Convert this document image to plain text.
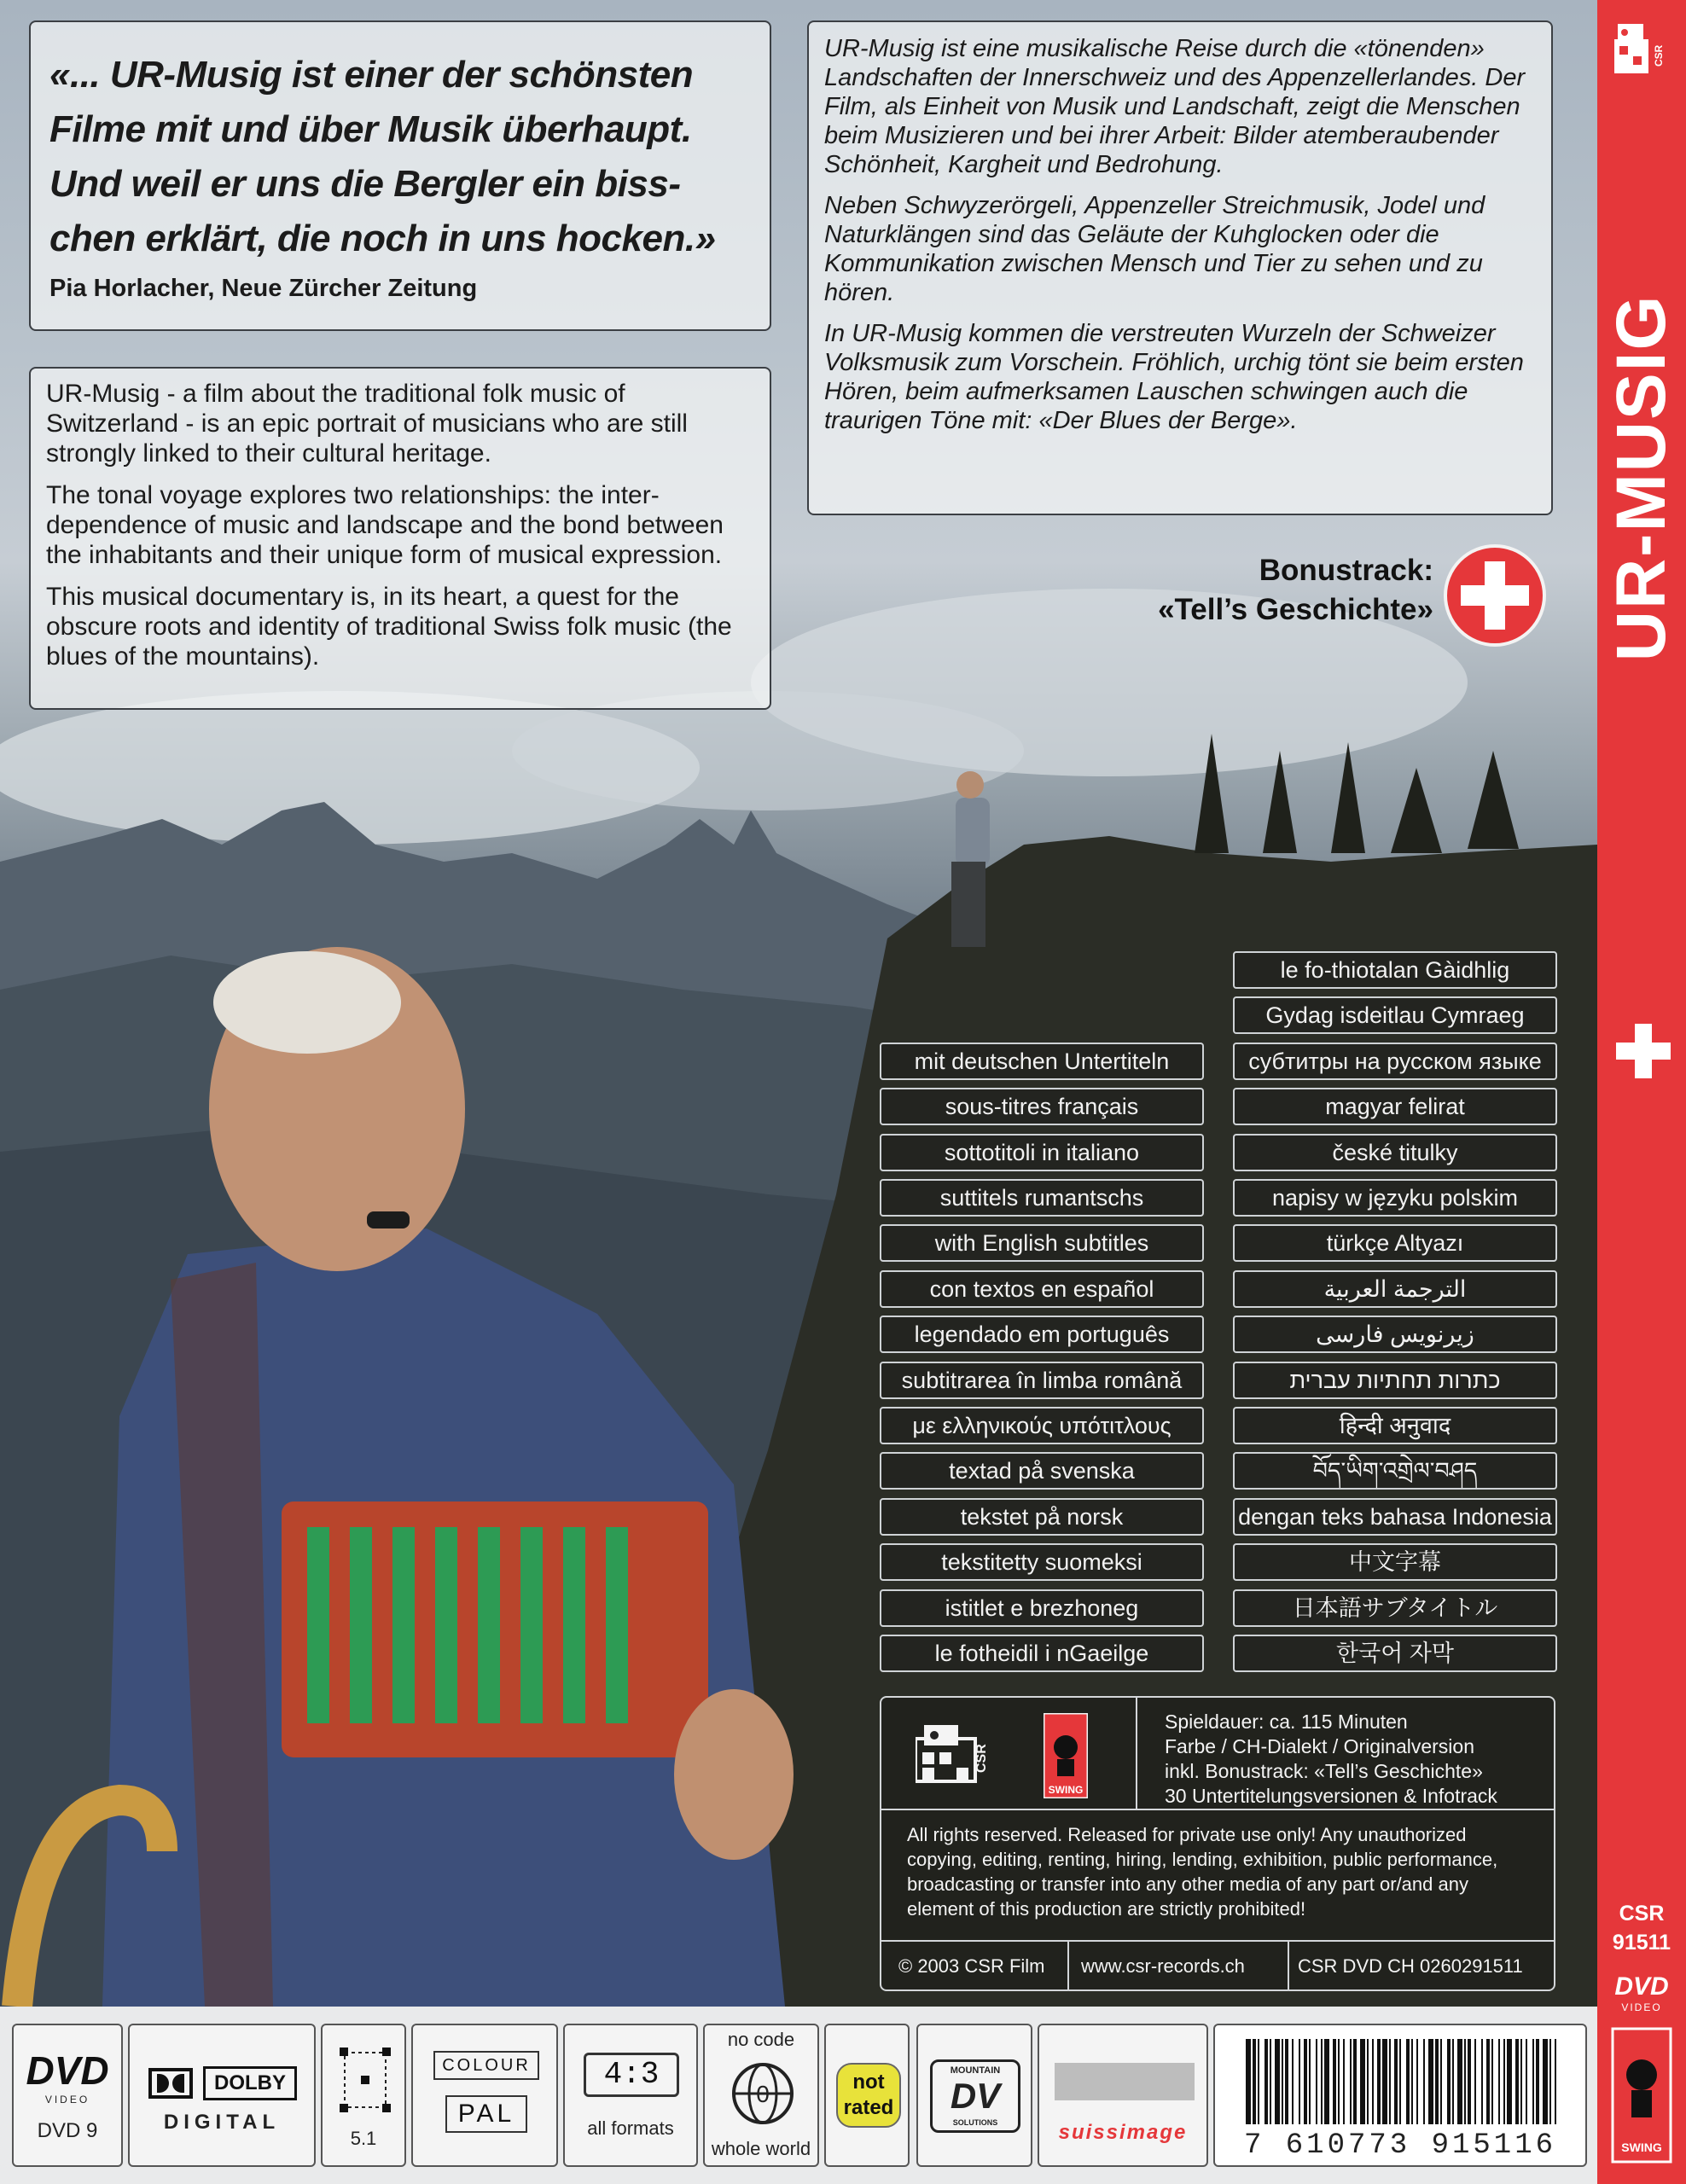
«... UR-Musig ist einer der schönsten Filme mit und über Musik überhaupt. Und weil er uns die Bergler ein biss-chen erklärt, die noch in uns hocken.»
Pia Horlacher, Neue Zürcher Zeitung

UR-Musig - a film about the traditional folk music of Switzerland - is an epic portrait of musicians who are still strongly linked to their cultural heritage.

The tonal voyage explores two relationships: the inter-dependence of music and landscape and the bond between the inhabitants and their unique form of musical expression.

This musical documentary is, in its heart, a quest for the obscure roots and identity of traditional Swiss folk music (the blues of the mountains).

UR-Musig ist eine musikalische Reise durch die «tönenden» Landschaften der Innerschweiz und des Appenzellerlandes. Der Film, als Einheit von Musik und Landschaft, zeigt die Menschen beim Musizieren und bei ihrer Arbeit: Bilder atemberaubender Schönheit, Kargheit und Bedrohung.

Neben Schwyzerörgeli, Appenzeller Streichmusik, Jodel und Naturklängen sind das Geläute der Kuhglocken oder die Kommunikation zwischen Mensch und Tier zu sehen und zu hören.

In UR-Musig kommen die verstreuten Wurzeln der Schweizer Volksmusik zum Vorschein. Fröhlich, urchig tönt sie beim ersten Hören, beim aufmerksamen Lauschen schwingen auch die traurigen Töne mit: «Der Blues der Berge».

Bonustrack:
«Tell’s Geschichte»
mit deutschen Untertiteln
sous-titres français
sottotitoli in italiano
suttitels rumantschs
with English subtitles
con textos en español
legendado em português
subtitrarea în limba română
με ελληνικούς υπότιτλους
textad på svenska
tekstet på norsk
tekstitetty suomeksi
istitlet e brezhoneg
le fotheidil i nGaeilge
le fo-thiotalan Gàidhlig
Gydag isdeitlau Cymraeg
субтитры на русском языке
magyar felirat
české titulky
napisy w języku polskim
türkçe Altyazı
الترجمة العربية
زيرنويس فارسی
כתרות תחתיות עברית
हिन्दी अनुवाद
བོད་ཡིག་འགྲེལ་བཤད
dengan teks bahasa Indonesia
中文字幕
日本語サブタイトル
한국어 자막
CSR
SWING
Spieldauer: ca. 115 Minuten
Farbe / CH-Dialekt / Originalversion
inkl. Bonustrack: «Tell’s Geschichte»
30 Untertitelungsversionen & Infotrack
All rights reserved. Released for private use only! Any unauthorized copying, editing, renting, hiring, lending, exhibition, public performance, broadcasting or transfer into any other media of any part or/and any element of this production are strictly prohibited!
© 2003 CSR Film www.csr-records.ch	CSR DVD CH 0260291511
CSR
UR-MUSIG
CSR
91511
DVD
VIDEO
SWING
DVD
VIDEO
DVD 9
DOLBY
DIGITAL
5.1
COLOUR
PAL
4:3
all formats
no code
0
whole world
not rated
MOUNTAIN
DV
SOLUTIONS	suissimage	7 610773 915116
